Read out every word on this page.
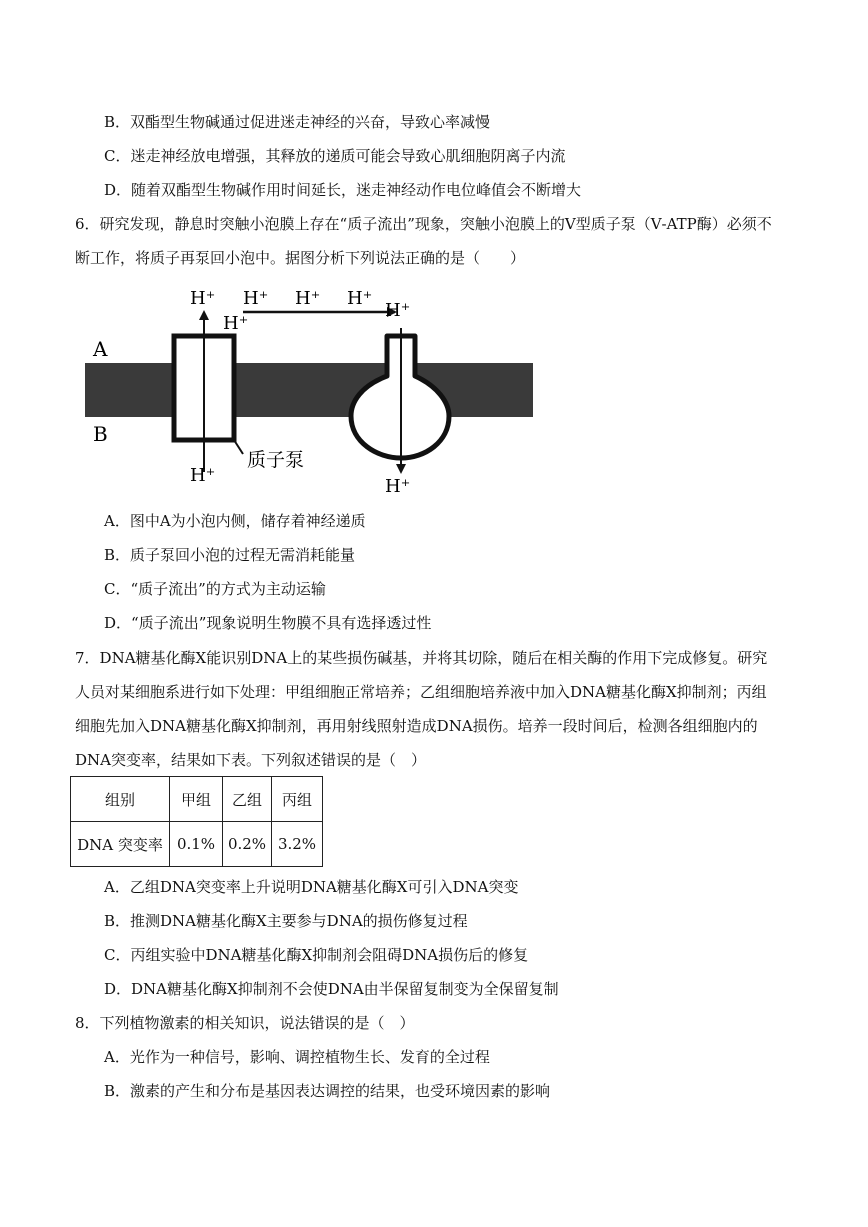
B．双酯型生物碱通过促进迷走神经的兴奋，导致心率减慢
C．迷走神经放电增强，其释放的递质可能会导致心肌细胞阴离子内流
D．随着双酯型生物碱作用时间延长，迷走神经动作电位峰值会不断增大
6．研究发现，静息时突触小泡膜上存在“质子流出”现象，突触小泡膜上的Ⅴ型质子泵（Ⅴ-ATP酶）必须不
断工作，将质子再泵回小泡中。据图分析下列说法正确的是（　　）
A
B
H⁺
H⁺
质子泵
H⁺ H⁺ H⁺
H⁺
H⁺
H⁺
A．图中A为小泡内侧，储存着神经递质
B．质子泵回小泡的过程无需消耗能量
C．“质子流出”的方式为主动运输
D．“质子流出”现象说明生物膜不具有选择透过性
7．DNA糖基化酶X能识别DNA上的某些损伤碱基，并将其切除，随后在相关酶的作用下完成修复。研究
人员对某细胞系进行如下处理：甲组细胞正常培养；乙组细胞培养液中加入DNA糖基化酶X抑制剂；丙组
细胞先加入DNA糖基化酶X抑制剂，再用射线照射造成DNA损伤。培养一段时间后，检测各组细胞内的
DNA突变率，结果如下表。下列叙述错误的是（　）
组别	甲组	乙组	丙组
DNA 突变率	0.1%	0.2%	3.2%
A．乙组DNA突变率上升说明DNA糖基化酶X可引入DNA突变
B．推测DNA糖基化酶X主要参与DNA的损伤修复过程
C．丙组实验中DNA糖基化酶X抑制剂会阻碍DNA损伤后的修复
D．DNA糖基化酶X抑制剂不会使DNA由半保留复制变为全保留复制
8．下列植物激素的相关知识，说法错误的是（　）
A．光作为一种信号，影响、调控植物生长、发育的全过程
B．激素的产生和分布是基因表达调控的结果，也受环境因素的影响
